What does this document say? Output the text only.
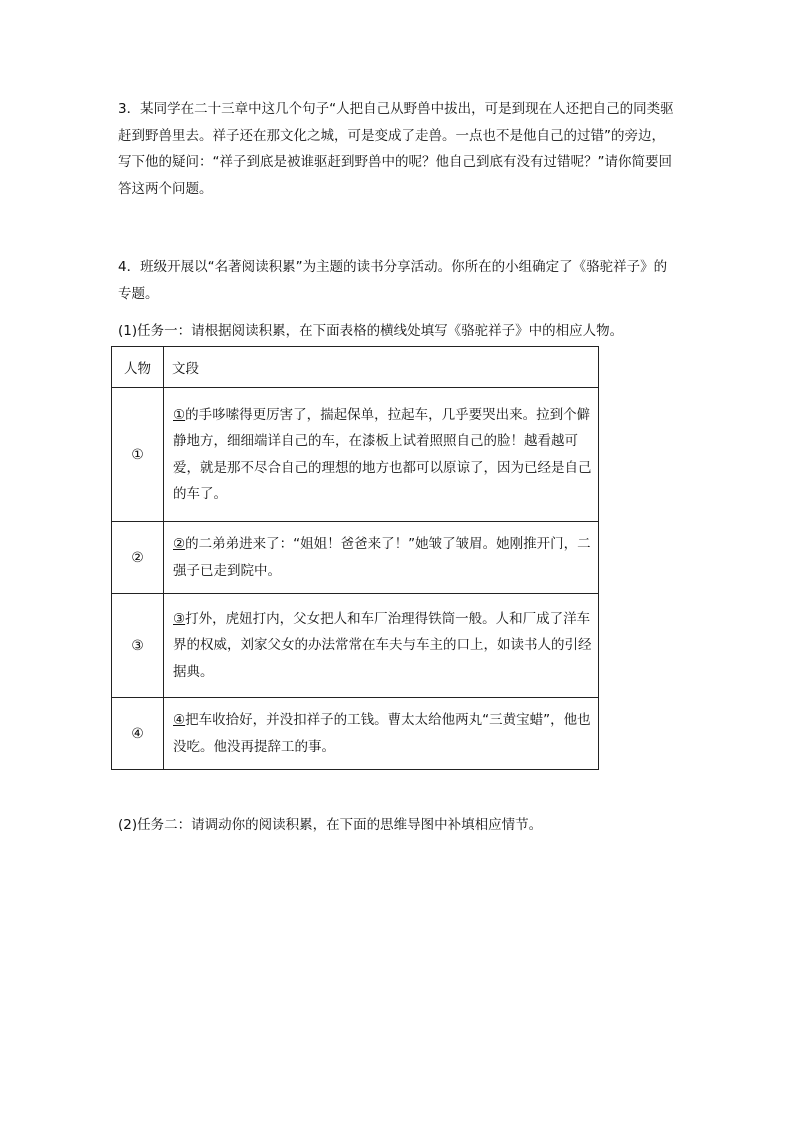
3．某同学在二十三章中这几个句子“人把自己从野兽中拔出，可是到现在人还把自己的同类驱赶到野兽里去。祥子还在那文化之城，可是变成了走兽。一点也不是他自己的过错”的旁边，写下他的疑问：“祥子到底是被谁驱赶到野兽中的呢？他自己到底有没有过错呢？”请你简要回答这两个问题。

4．班级开展以“名著阅读积累”为主题的读书分享活动。你所在的小组确定了《骆驼祥子》的专题。

(1)任务一：请根据阅读积累，在下面表格的横线处填写《骆驼祥子》中的相应人物。

人物	文段
①	①的手哆嗦得更厉害了，揣起保单，拉起车，几乎要哭出来。拉到个僻静地方，细细端详自己的车，在漆板上试着照照自己的脸！越看越可爱，就是那不尽合自己的理想的地方也都可以原谅了，因为已经是自己的车了。
②	②的二弟弟进来了：“姐姐！爸爸来了！”她皱了皱眉。她刚推开门，二强子已走到院中。
③	③打外，虎妞打内，父女把人和车厂治理得铁筒一般。人和厂成了洋车界的权威，刘家父女的办法常常在车夫与车主的口上，如读书人的引经据典。
④	④把车收拾好，并没扣祥子的工钱。曹太太给他两丸“三黄宝蜡”，他也没吃。他没再提辞工的事。

(2)任务二：请调动你的阅读积累，在下面的思维导图中补填相应情节。
